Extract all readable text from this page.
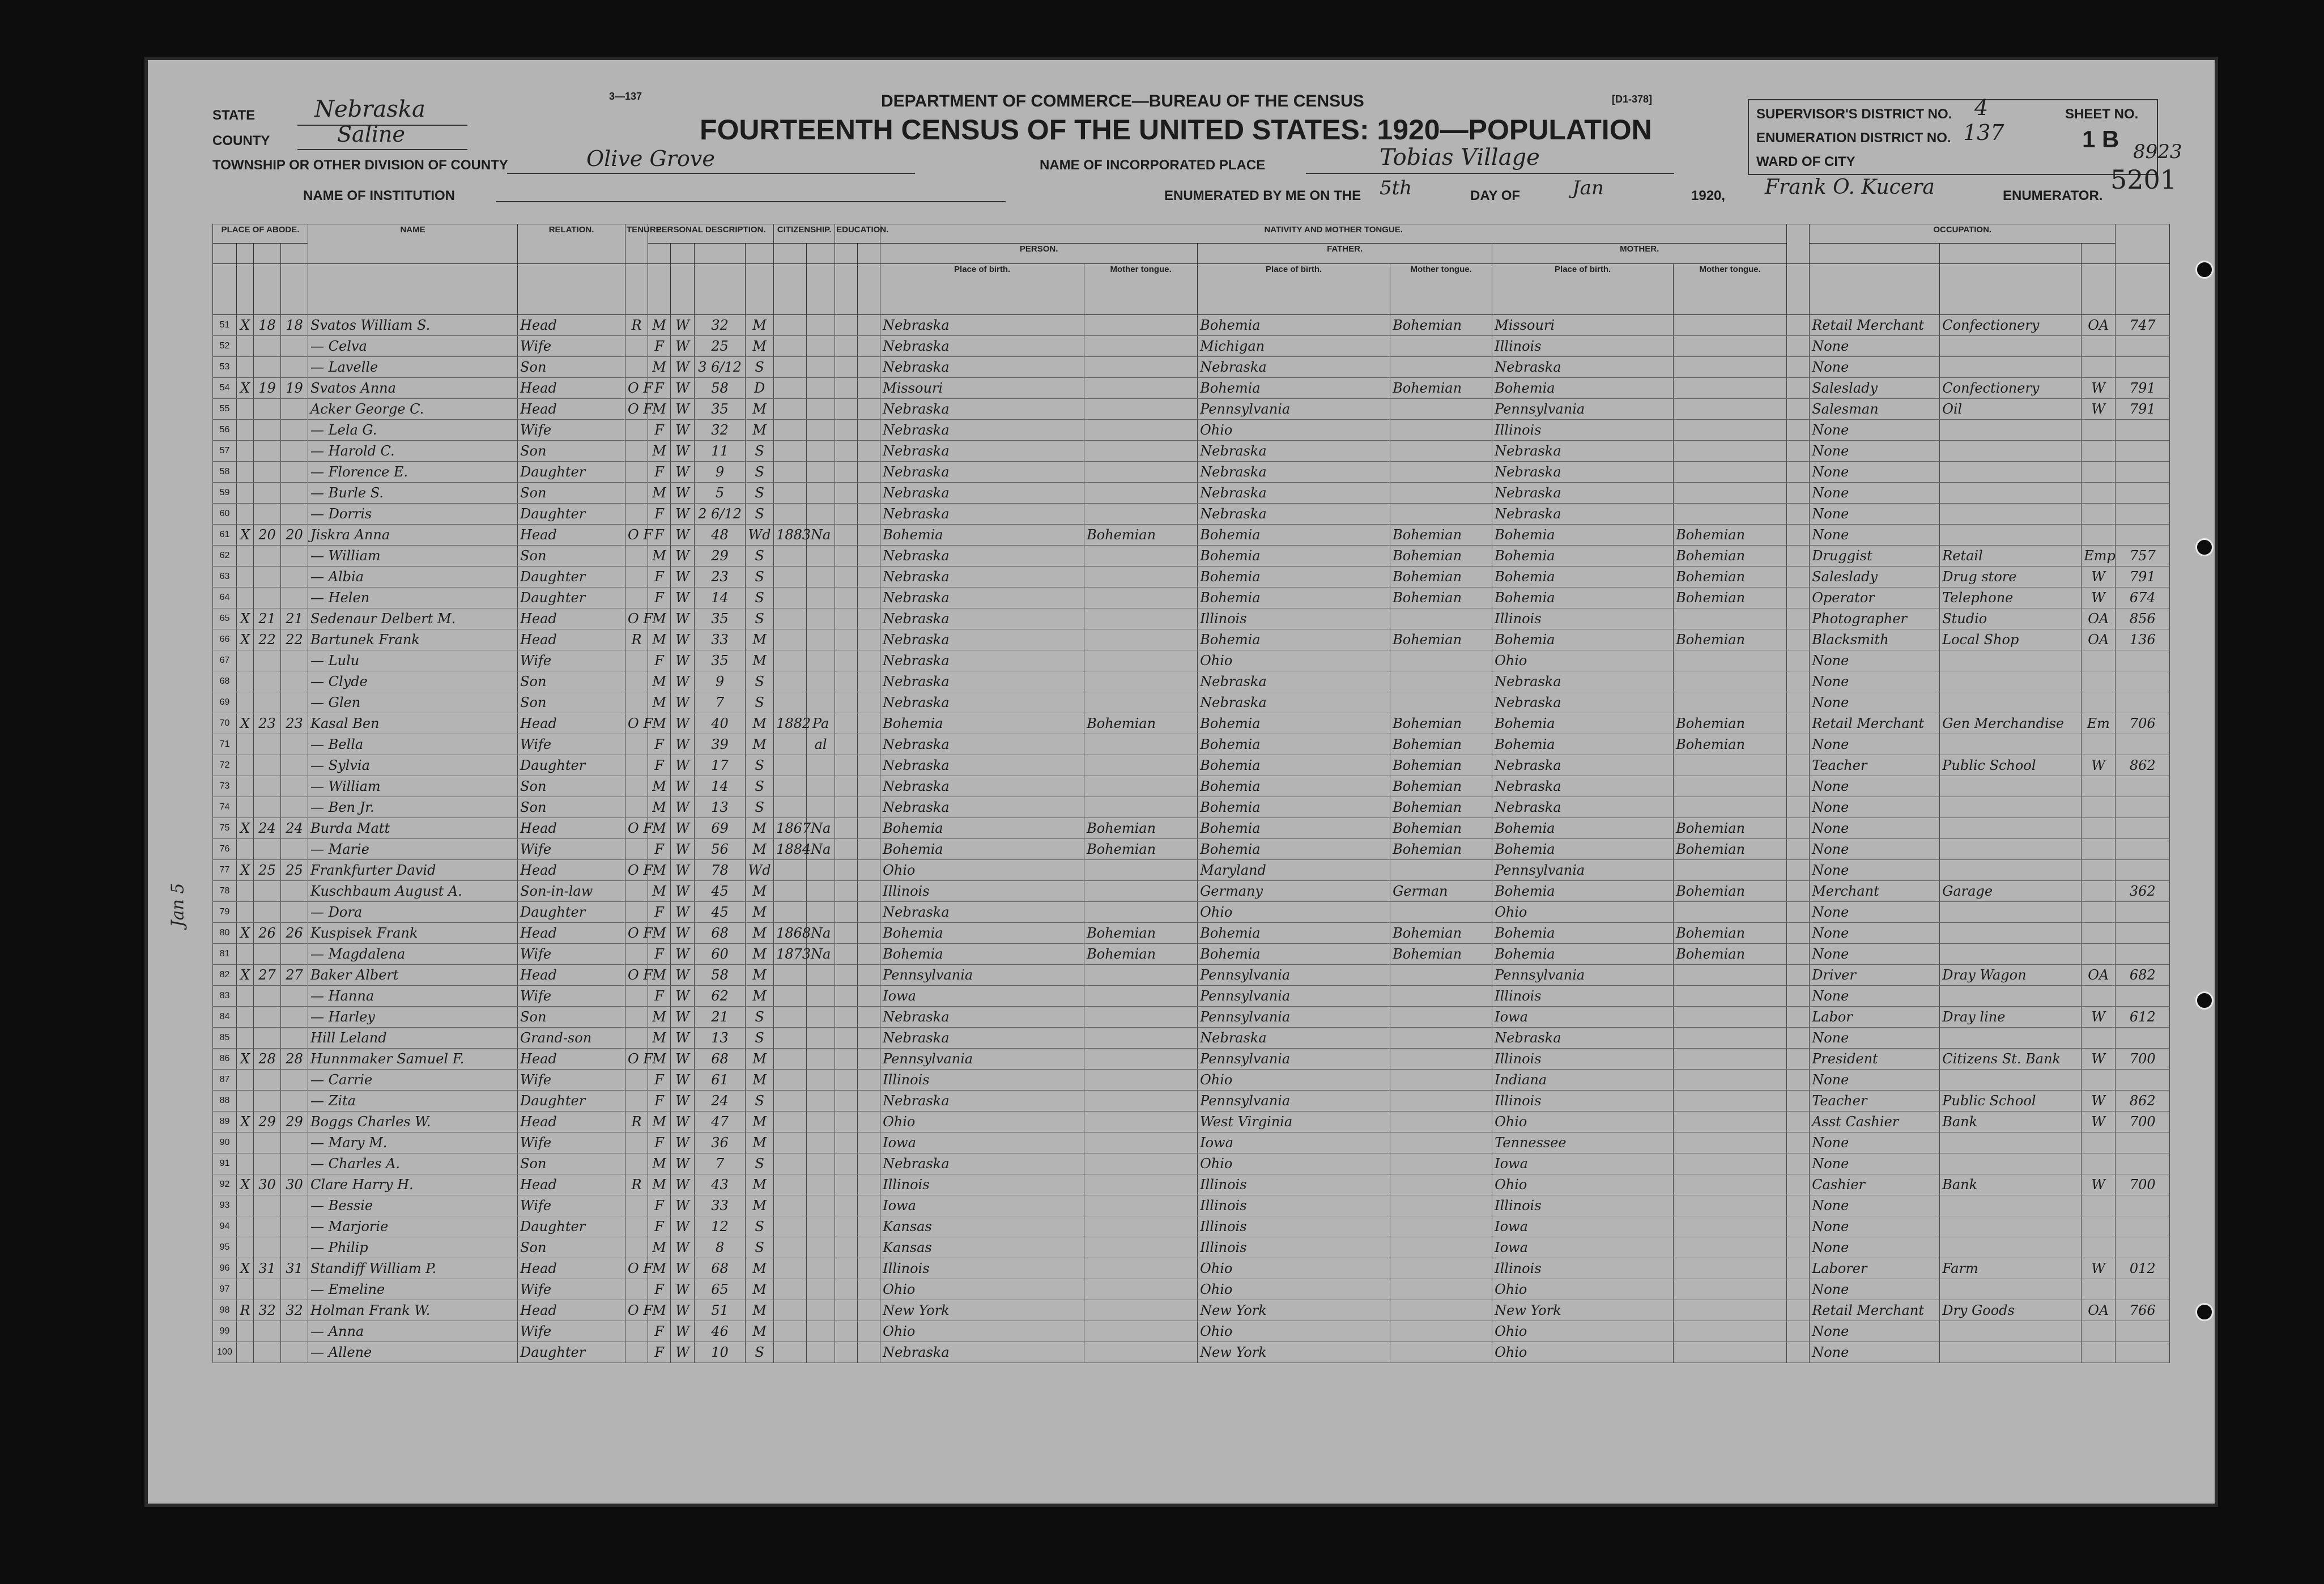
3—137	DEPARTMENT OF COMMERCE—BUREAU OF THE CENSUS	[D1-378]
FOURTEENTH CENSUS OF THE UNITED STATES: 1920—POPULATION
STATE	Nebraska
COUNTY	Saline
TOWNSHIP OR OTHER DIVISION OF COUNTY	Olive Grove	NAME OF INCORPORATED PLACE	Tobias Village
NAME OF INSTITUTION	ENUMERATED BY ME ON THE 5th	DAY OF	Jan	1920, Frank O. Kucera	ENUMERATOR.
SUPERVISOR'S DISTRICT NO. 4
ENUMERATION DISTRICT NO. 137
WARD OF CITY
SHEET NO.
1 B 8923
5201
PLACE OF ABODE.				NAME	RELATION.	TENURE.	PERSONAL DESCRIPTION.				CITIZENSHIP.		EDUCATION.		NATIVITY AND MOTHER TONGUE.							OCCUPATION.			
															PERSON.		FATHER.		MOTHER.						
															Place of birth.	Mother tongue.	Place of birth.	Mother tongue.	Place of birth.	Mother tongue.					
51	X	18	18	Svatos William S.	Head	R	M	W	32	M					Nebraska		Bohemia	Bohemian	Missouri			Retail Merchant	Confectionery	OA	747
52				— Celva	Wife		F	W	25	M					Nebraska		Michigan		Illinois			None			
53				— Lavelle	Son		M	W	3 6/12	S					Nebraska		Nebraska		Nebraska			None			
54	X	19	19	Svatos Anna	Head	O F	F	W	58	D					Missouri		Bohemia	Bohemian	Bohemia			Saleslady	Confectionery	W	791
55				Acker George C.	Head	O F	M	W	35	M					Nebraska		Pennsylvania		Pennsylvania			Salesman	Oil	W	791
56				— Lela G.	Wife		F	W	32	M					Nebraska		Ohio		Illinois			None			
57				— Harold C.	Son		M	W	11	S					Nebraska		Nebraska		Nebraska			None			
58				— Florence E.	Daughter		F	W	9	S					Nebraska		Nebraska		Nebraska			None			
59				— Burle S.	Son		M	W	5	S					Nebraska		Nebraska		Nebraska			None			
60				— Dorris	Daughter		F	W	2 6/12	S					Nebraska		Nebraska		Nebraska			None			
61	X	20	20	Jiskra Anna	Head	O F	F	W	48	Wd	1883	Na			Bohemia	Bohemian	Bohemia	Bohemian	Bohemia	Bohemian		None			
62				— William	Son		M	W	29	S					Nebraska		Bohemia	Bohemian	Bohemia	Bohemian		Druggist	Retail	Emp	757
63				— Albia	Daughter		F	W	23	S					Nebraska		Bohemia	Bohemian	Bohemia	Bohemian		Saleslady	Drug store	W	791
64				— Helen	Daughter		F	W	14	S					Nebraska		Bohemia	Bohemian	Bohemia	Bohemian		Operator	Telephone	W	674
65	X	21	21	Sedenaur Delbert M.	Head	O F	M	W	35	S					Nebraska		Illinois		Illinois			Photographer	Studio	OA	856
66	X	22	22	Bartunek Frank	Head	R	M	W	33	M					Nebraska		Bohemia	Bohemian	Bohemia	Bohemian		Blacksmith	Local Shop	OA	136
67				— Lulu	Wife		F	W	35	M					Nebraska		Ohio		Ohio			None			
68				— Clyde	Son		M	W	9	S					Nebraska		Nebraska		Nebraska			None			
69				— Glen	Son		M	W	7	S					Nebraska		Nebraska		Nebraska			None			
70	X	23	23	Kasal Ben	Head	O F	M	W	40	M	1882	Pa			Bohemia	Bohemian	Bohemia	Bohemian	Bohemia	Bohemian		Retail Merchant	Gen Merchandise	Em	706
71				— Bella	Wife		F	W	39	M		al			Nebraska		Bohemia	Bohemian	Bohemia	Bohemian		None			
72				— Sylvia	Daughter		F	W	17	S					Nebraska		Bohemia	Bohemian	Nebraska			Teacher	Public School	W	862
73				— William	Son		M	W	14	S					Nebraska		Bohemia	Bohemian	Nebraska			None			
74				— Ben Jr.	Son		M	W	13	S					Nebraska		Bohemia	Bohemian	Nebraska			None			
75	X	24	24	Burda Matt	Head	O F	M	W	69	M	1867	Na			Bohemia	Bohemian	Bohemia	Bohemian	Bohemia	Bohemian		None			
76				— Marie	Wife		F	W	56	M	1884	Na			Bohemia	Bohemian	Bohemia	Bohemian	Bohemia	Bohemian		None			
77	X	25	25	Frankfurter David	Head	O F	M	W	78	Wd					Ohio		Maryland		Pennsylvania			None			
78				Kuschbaum August A.	Son-in-law		M	W	45	M					Illinois		Germany	German	Bohemia	Bohemian		Merchant	Garage		362
79				— Dora	Daughter		F	W	45	M					Nebraska		Ohio		Ohio			None			
80	X	26	26	Kuspisek Frank	Head	O F	M	W	68	M	1868	Na			Bohemia	Bohemian	Bohemia	Bohemian	Bohemia	Bohemian		None			
81				— Magdalena	Wife		F	W	60	M	1873	Na			Bohemia	Bohemian	Bohemia	Bohemian	Bohemia	Bohemian		None			
82	X	27	27	Baker Albert	Head	O F	M	W	58	M					Pennsylvania		Pennsylvania		Pennsylvania			Driver	Dray Wagon	OA	682
83				— Hanna	Wife		F	W	62	M					Iowa		Pennsylvania		Illinois			None			
84				— Harley	Son		M	W	21	S					Nebraska		Pennsylvania		Iowa			Labor	Dray line	W	612
85				Hill Leland	Grand-son		M	W	13	S					Nebraska		Nebraska		Nebraska			None			
86	X	28	28	Hunnmaker Samuel F.	Head	O F	M	W	68	M					Pennsylvania		Pennsylvania		Illinois			President	Citizens St. Bank	W	700
87				— Carrie	Wife		F	W	61	M					Illinois		Ohio		Indiana			None			
88				— Zita	Daughter		F	W	24	S					Nebraska		Pennsylvania		Illinois			Teacher	Public School	W	862
89	X	29	29	Boggs Charles W.	Head	R	M	W	47	M					Ohio		West Virginia		Ohio			Asst Cashier	Bank	W	700
90				— Mary M.	Wife		F	W	36	M					Iowa		Iowa		Tennessee			None			
91				— Charles A.	Son		M	W	7	S					Nebraska		Ohio		Iowa			None			
92	X	30	30	Clare Harry H.	Head	R	M	W	43	M					Illinois		Illinois		Ohio			Cashier	Bank	W	700
93				— Bessie	Wife		F	W	33	M					Iowa		Illinois		Illinois			None			
94				— Marjorie	Daughter		F	W	12	S					Kansas		Illinois		Iowa			None			
95				— Philip	Son		M	W	8	S					Kansas		Illinois		Iowa			None			
96	X	31	31	Standiff William P.	Head	O F	M	W	68	M					Illinois		Ohio		Illinois			Laborer	Farm	W	012
97				— Emeline	Wife		F	W	65	M					Ohio		Ohio		Ohio			None			
98	R	32	32	Holman Frank W.	Head	O F	M	W	51	M					New York		New York		New York			Retail Merchant	Dry Goods	OA	766
99				— Anna	Wife		F	W	46	M					Ohio		Ohio		Ohio			None			
100				— Allene	Daughter		F	W	10	S					Nebraska		New York		Ohio			None			
Jan 5
